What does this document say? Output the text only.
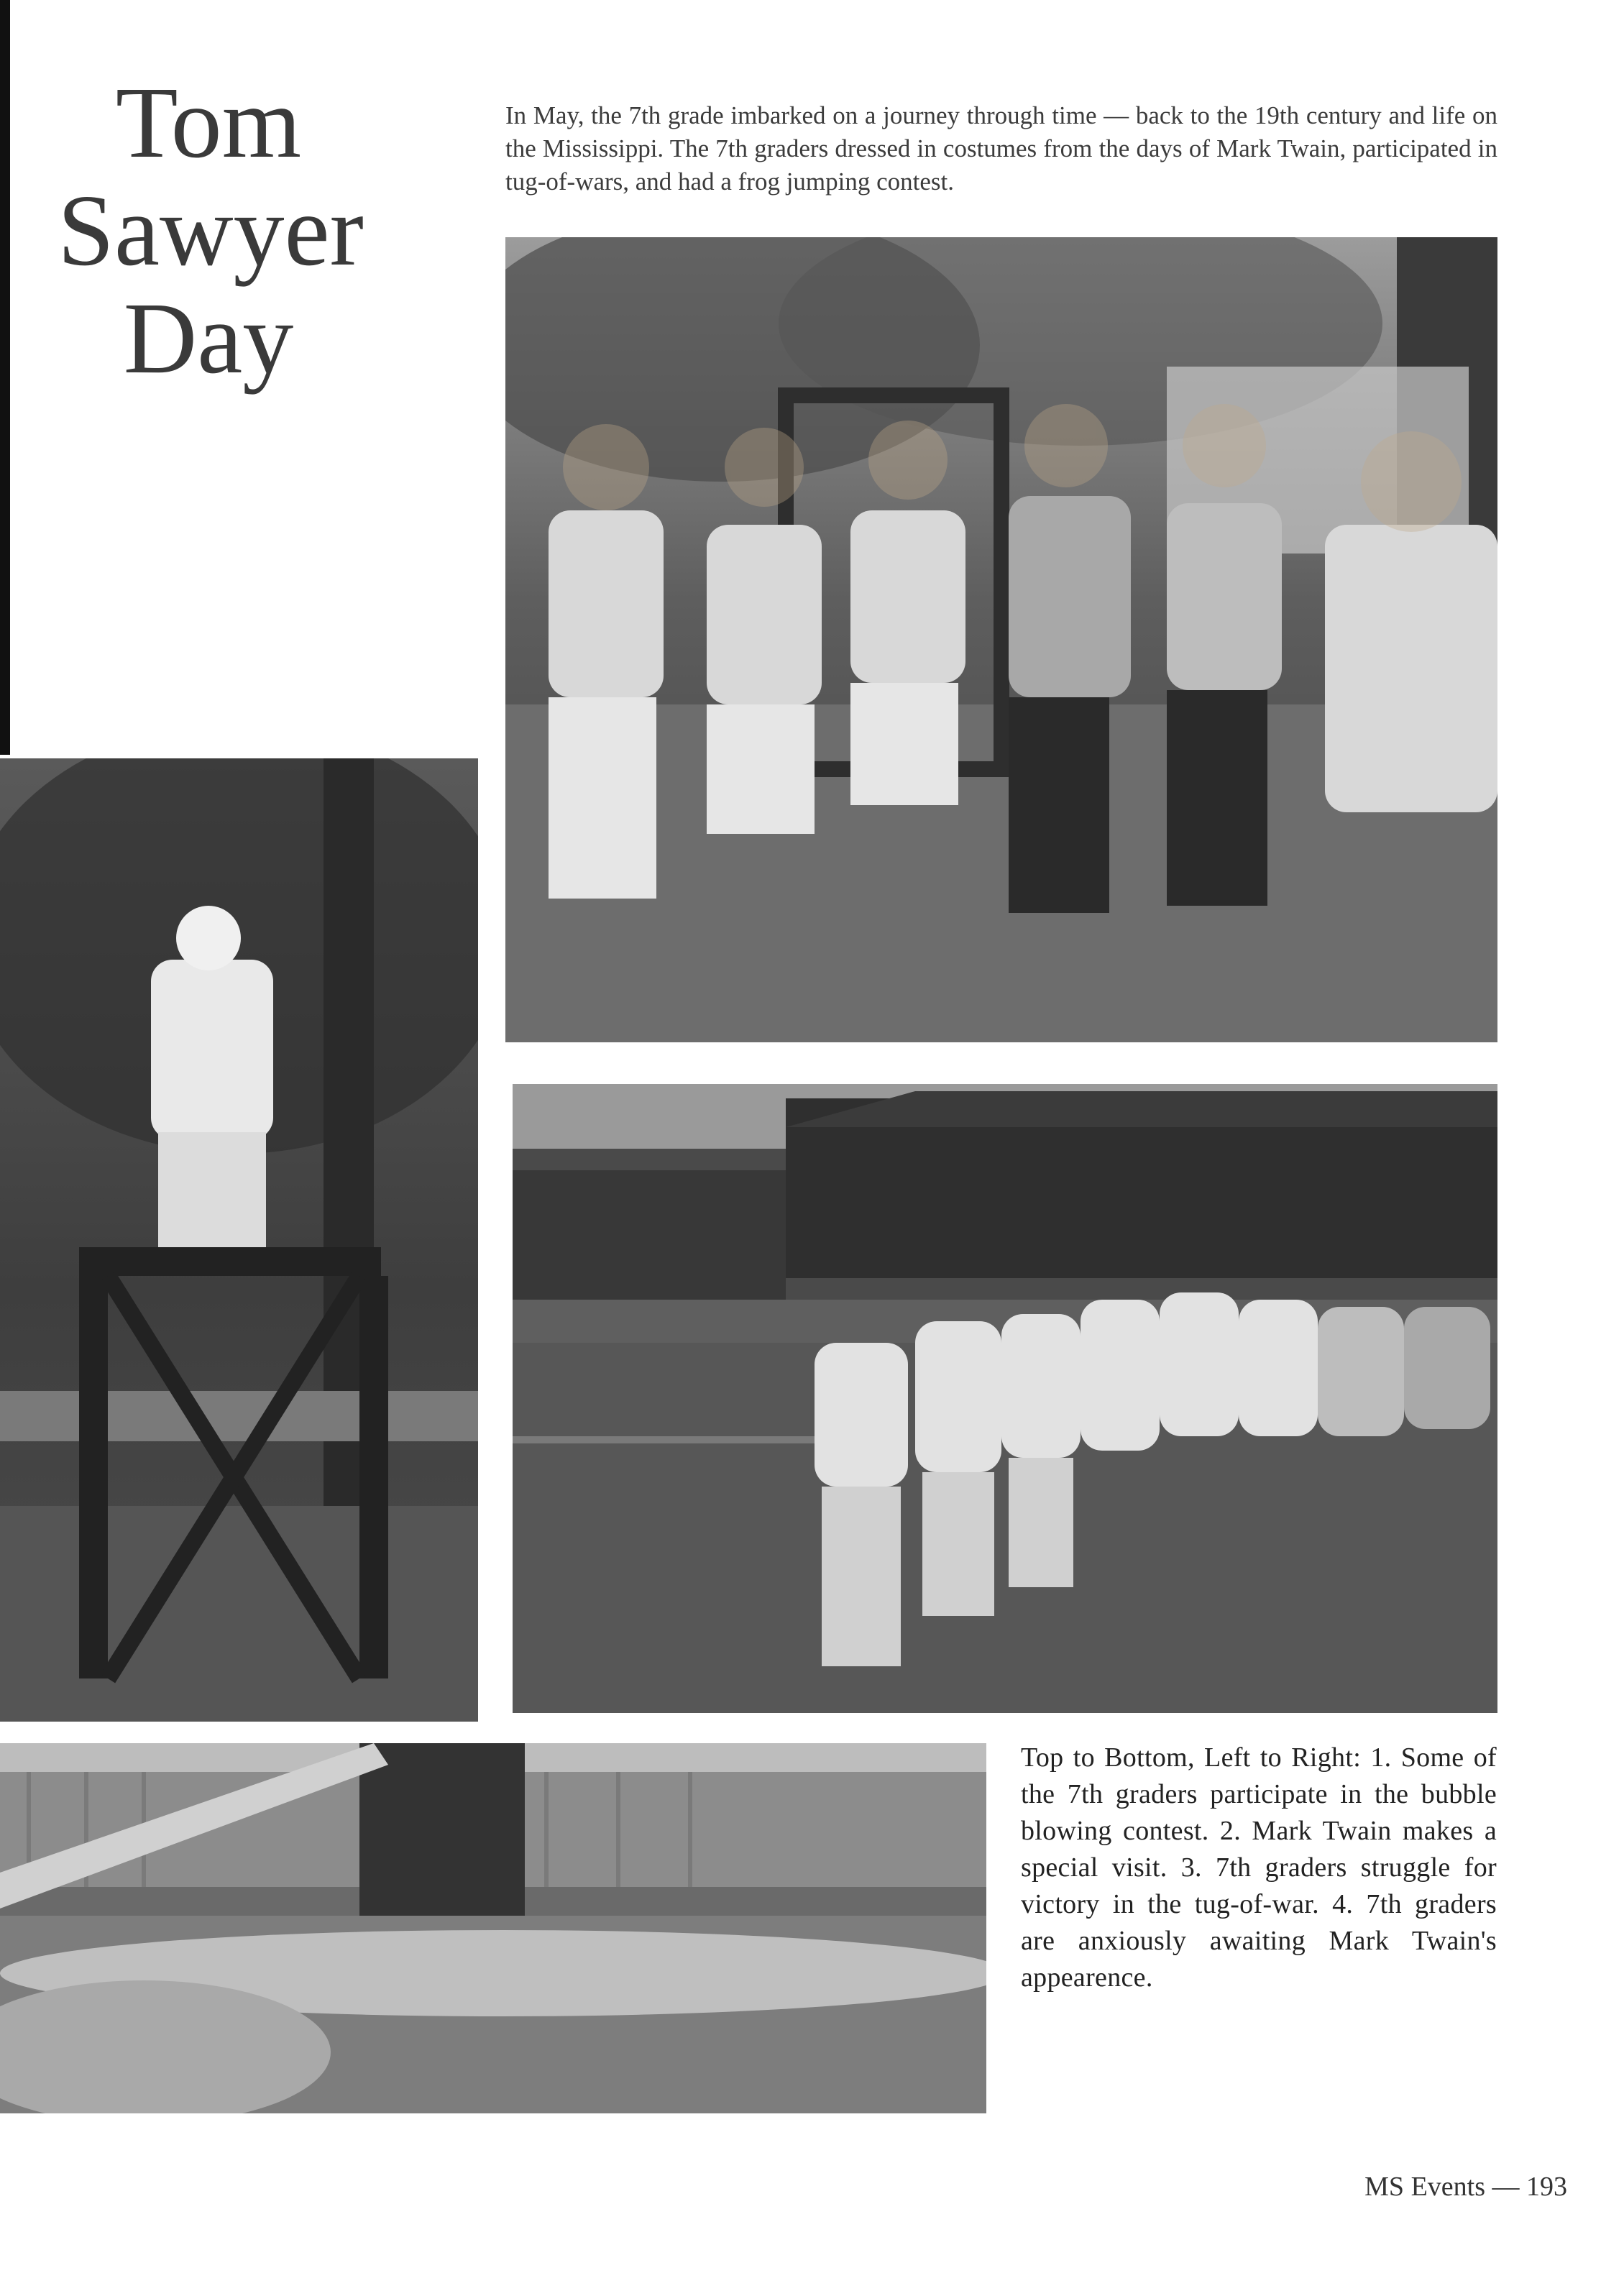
Tom
Sawyer
Day

In May, the 7th grade imbarked on a journey through time — back to the 19th century and life on the Mississippi. The 7th graders dressed in costumes from the days of Mark Twain, participated in tug-of-wars, and had a frog jumping contest.

Top to Bottom, Left to Right: 1. Some of the 7th graders participate in the bubble blowing contest. 2. Mark Twain makes a special visit. 3. 7th graders struggle for victory in the tug-of-war. 4. 7th graders are anxiously awaiting Mark Twain's appearence.

MS Events — 193
